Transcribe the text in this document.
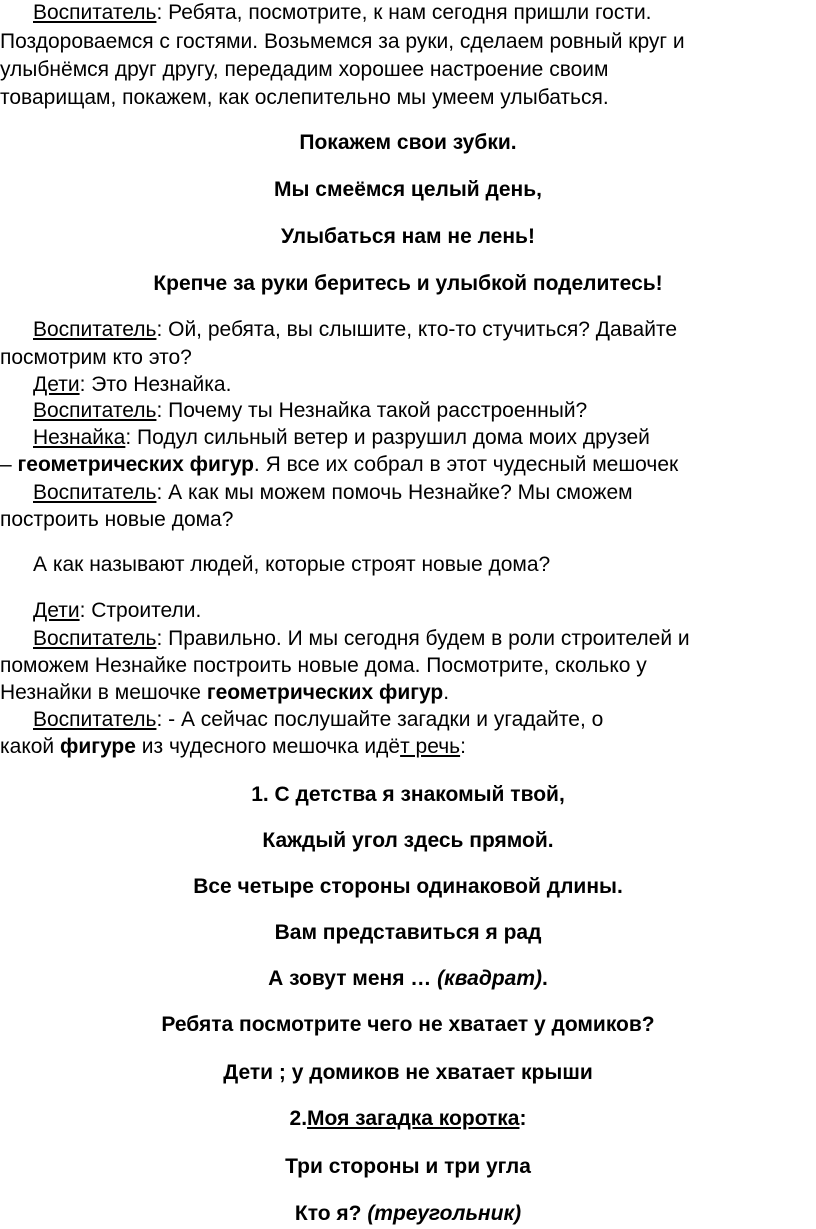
Воспитатель: Ребята, посмотрите, к нам сегодня пришли гости.
Поздороваемся с гостями. Возьмемся за руки, сделаем ровный круг и
улыбнёмся друг другу, передадим хорошее настроение своим
товарищам, покажем, как ослепительно мы умеем улыбаться.
Покажем свои зубки.
Мы смеёмся целый день,
Улыбаться нам не лень!
Крепче за руки беритесь и улыбкой поделитесь!
Воспитатель: Ой, ребята, вы слышите, кто-то стучиться? Давайте
посмотрим кто это?
Дети: Это Незнайка.
Воспитатель: Почему ты Незнайка такой расстроенный?
Незнайка: Подул сильный ветер и разрушил дома моих друзей
– геометрических фигур. Я все их собрал в этот чудесный мешочек
Воспитатель: А как мы можем помочь Незнайке? Мы сможем
построить новые дома?
А как называют людей, которые строят новые дома?
Дети: Строители.
Воспитатель: Правильно. И мы сегодня будем в роли строителей и
поможем Незнайке построить новые дома. Посмотрите, сколько у
Незнайки в мешочке геометрических фигур.
Воспитатель: - А сейчас послушайте загадки и угадайте, о
какой фигуре из чудесного мешочка идёт речь:
1. С детства я знакомый твой,
Каждый угол здесь прямой.
Все четыре стороны одинаковой длины.
Вам представиться я рад
А зовут меня … (квадрат).
Ребята посмотрите чего не хватает у домиков?
Дети ; у домиков не хватает крыши
2.Моя загадка коротка:
Три стороны и три угла
Кто я? (треугольник)
